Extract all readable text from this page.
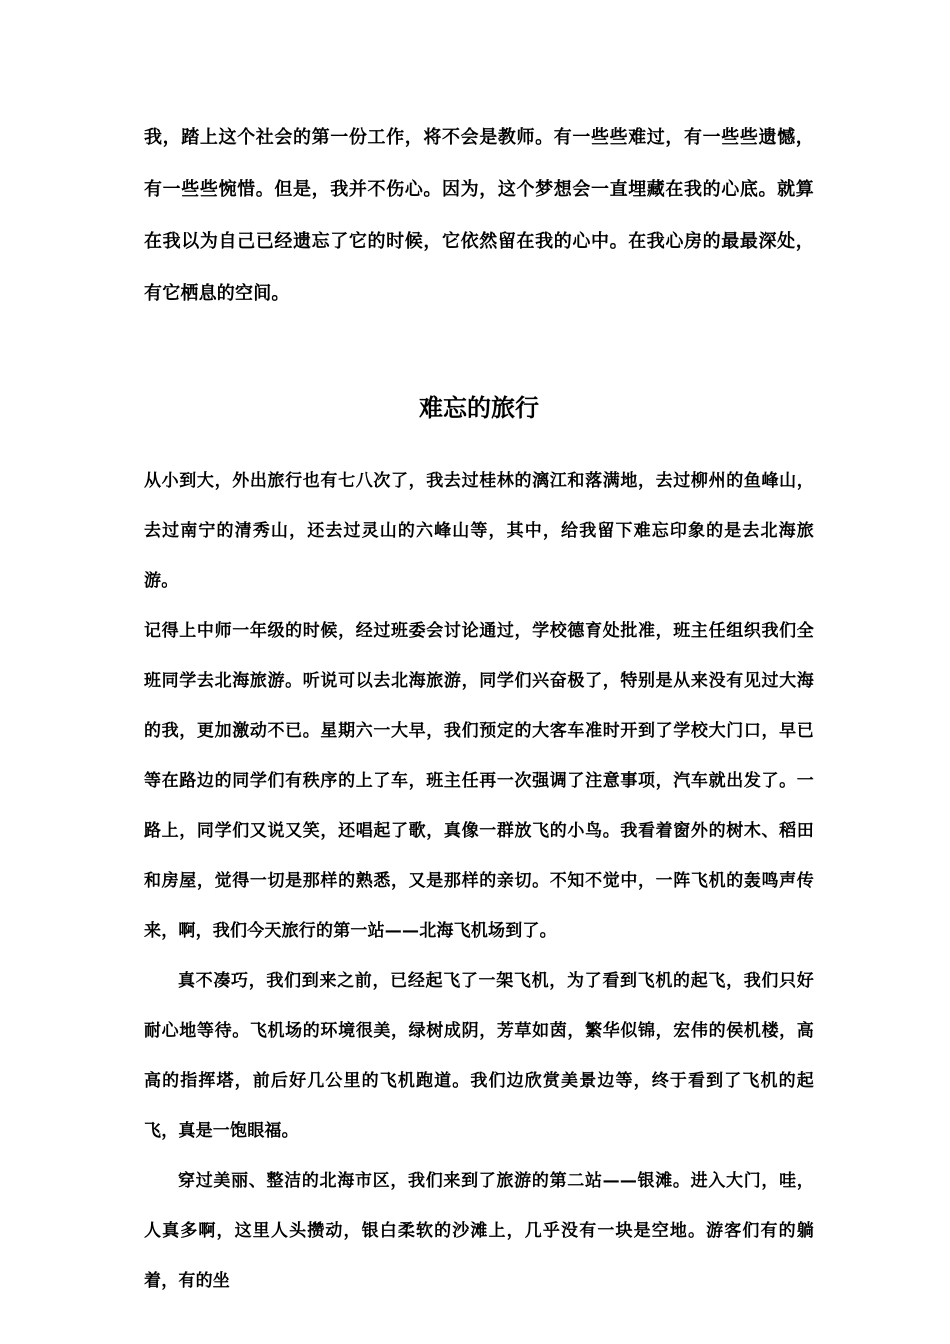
我，踏上这个社会的第一份工作，将不会是教师。有一些些难过，有一些些遗憾，有一些些惋惜。但是，我并不伤心。因为，这个梦想会一直埋藏在我的心底。就算在我以为自己已经遗忘了它的时候，它依然留在我的心中。在我心房的最最深处，有它栖息的空间。

难忘的旅行

从小到大，外出旅行也有七八次了，我去过桂林的漓江和落满地，去过柳州的鱼峰山，去过南宁的清秀山，还去过灵山的六峰山等，其中，给我留下难忘印象的是去北海旅游。

记得上中师一年级的时候，经过班委会讨论通过，学校德育处批准，班主任组织我们全班同学去北海旅游。听说可以去北海旅游，同学们兴奋极了，特别是从来没有见过大海的我，更加激动不已。星期六一大早，我们预定的大客车准时开到了学校大门口，早已等在路边的同学们有秩序的上了车，班主任再一次强调了注意事项，汽车就出发了。一路上，同学们又说又笑，还唱起了歌，真像一群放飞的小鸟。我看着窗外的树木、稻田和房屋，觉得一切是那样的熟悉，又是那样的亲切。不知不觉中，一阵飞机的轰鸣声传来，啊，我们今天旅行的第一站——北海飞机场到了。

真不凑巧，我们到来之前，已经起飞了一架飞机，为了看到飞机的起飞，我们只好耐心地等待。飞机场的环境很美，绿树成阴，芳草如茵，繁华似锦，宏伟的侯机楼，高高的指挥塔，前后好几公里的飞机跑道。我们边欣赏美景边等，终于看到了飞机的起飞，真是一饱眼福。

穿过美丽、整洁的北海市区，我们来到了旅游的第二站——银滩。进入大门，哇，人真多啊，这里人头攒动，银白柔软的沙滩上，几乎没有一块是空地。游客们有的躺着，有的坐
